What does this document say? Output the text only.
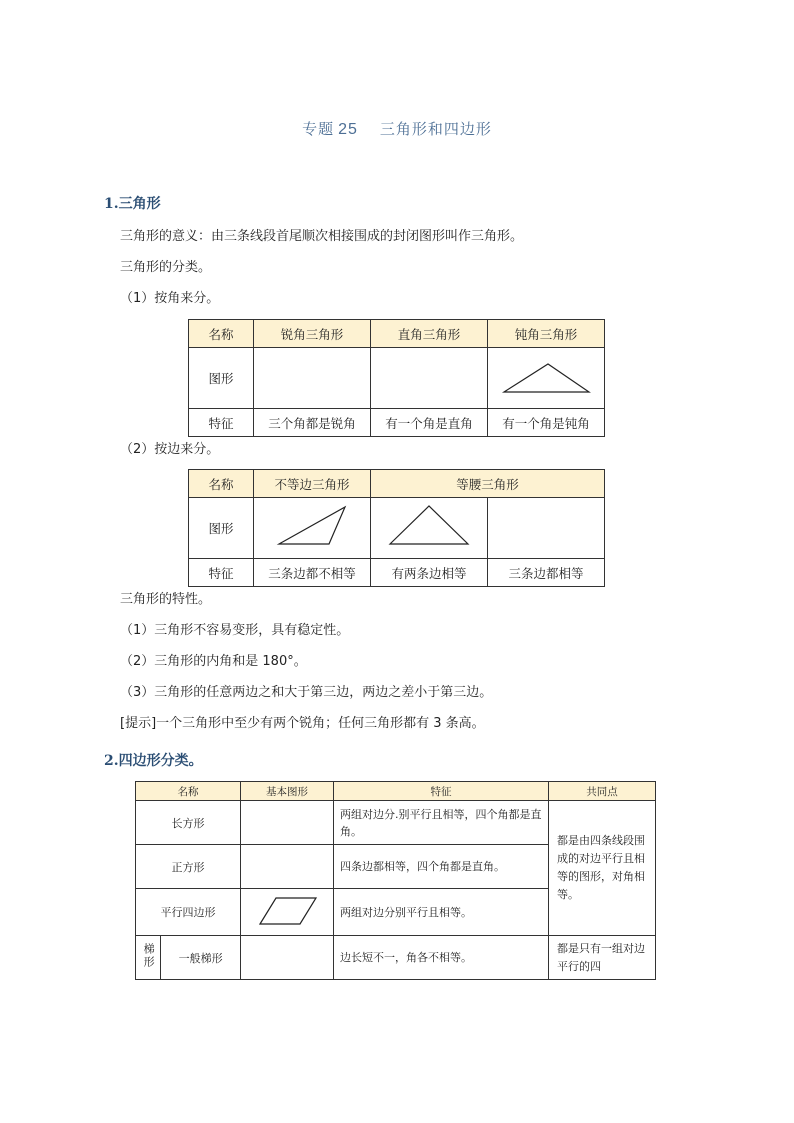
专题 25 三角形和四边形
1.三角形
三角形的意义：由三条线段首尾顺次相接围成的封闭图形叫作三角形。
三角形的分类。
（1）按角来分。
名称	锐角三角形	直角三角形	钝角三角形
图形			
特征	三个角都是锐角	有一个角是直角	有一个角是钝角
（2）按边来分。
名称	不等边三角形	等腰三角形	
图形			
特征	三条边都不相等	有两条边相等	三条边都相等
三角形的特性。
（1）三角形不容易变形，具有稳定性。
（2）三角形的内角和是 180°。
（3）三角形的任意两边之和大于第三边，两边之差小于第三边。
[提示]一个三角形中至少有两个锐角；任何三角形都有 3 条高。
2.四边形分类。
名称		基本图形	特征	共同点
长方形			两组对边分.别平行且相等，四个角都是直角。	都是由四条线段围成的对边平行且相等的图形，对角相等。
正方形			四条边都相等，四个角都是直角。	
平行四边形			两组对边分别平行且相等。	
梯形	一般梯形		边长短不一，角各不相等。	都是只有一组对边平行的四
